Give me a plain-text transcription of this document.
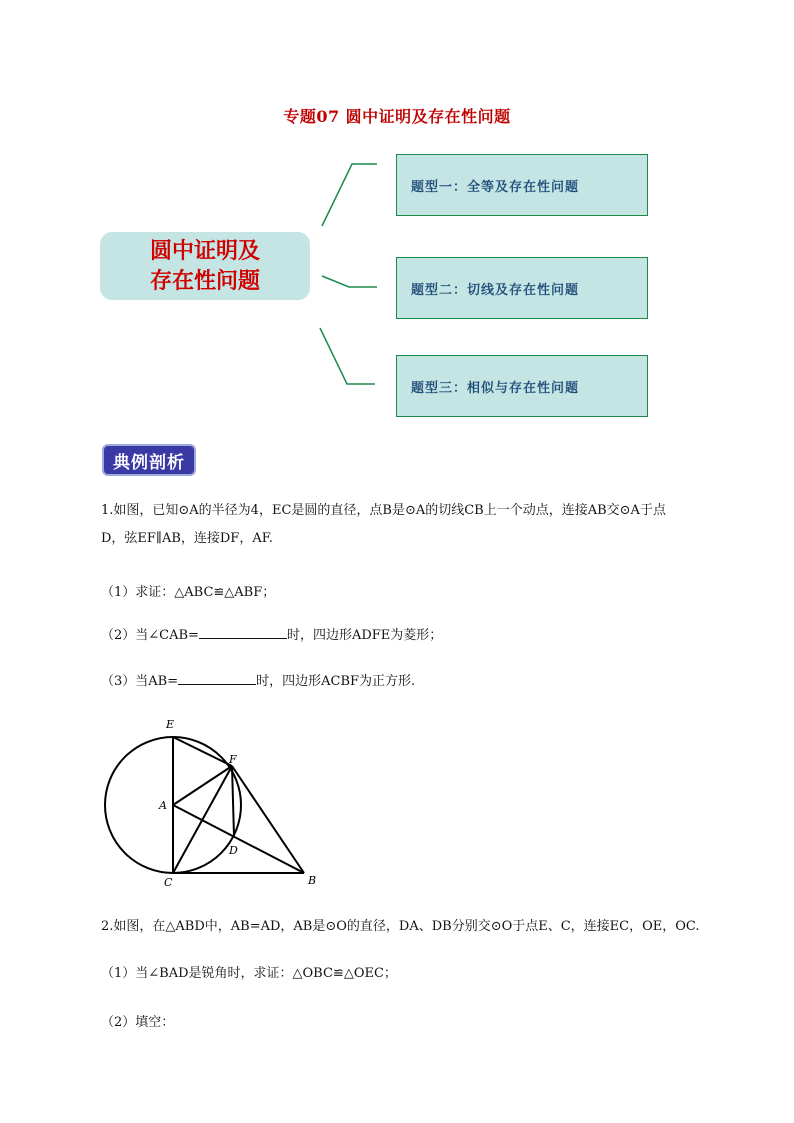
专题07 圆中证明及存在性问题
圆中证明及
存在性问题
题型一：全等及存在性问题
题型二：切线及存在性问题
题型三：相似与存在性问题
典例剖析
1.如图，已知⊙A的半径为4，EC是圆的直径，点B是⊙A的切线CB上一个动点，连接AB交⊙A于点
D，弦EF∥AB，连接DF，AF.
（1）求证：△ABC≌△ABF；
（2）当∠CAB=	时，四边形ADFE为菱形；
（3）当AB=	时，四边形ACBF为正方形.
E
F
A
D
C	B
2.如图，在△ABD中，AB=AD，AB是⊙O的直径，DA、DB分别交⊙O于点E、C，连接EC，OE，OC.
（1）当∠BAD是锐角时，求证：△OBC≌△OEC；
（2）填空：
